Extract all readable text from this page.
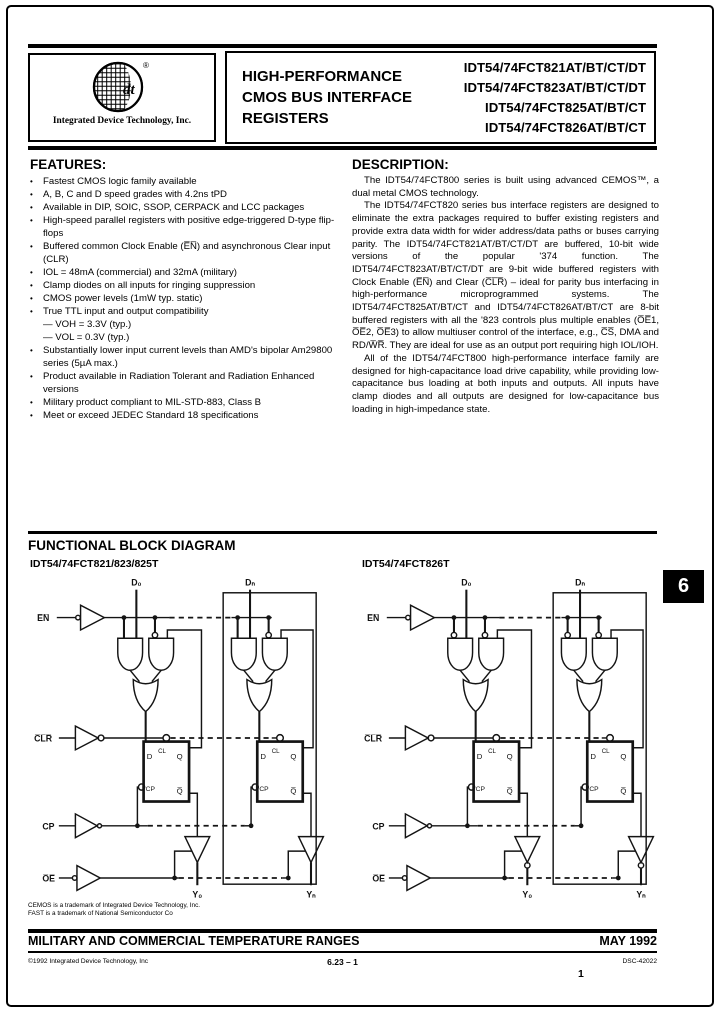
dt
®
Integrated Device Technology, Inc.
HIGH-PERFORMANCE
CMOS BUS INTERFACE
REGISTERS
IDT54/74FCT821AT/BT/CT/DT
IDT54/74FCT823AT/BT/CT/DT
IDT54/74FCT825AT/BT/CT
IDT54/74FCT826AT/BT/CT
FEATURES:
•	Fastest CMOS logic family available
•	A, B, C and D speed grades with 4.2ns tPD
•	Available in DIP, SOIC, SSOP, CERPACK and LCC packages
•	High-speed parallel registers with positive edge-triggered D-type flip-flops
•	Buffered common Clock Enable (E̅N̅) and asynchronous Clear input (CLR)
•	IOL = 48mA (commercial) and 32mA (military)
•	Clamp diodes on all inputs for ringing suppression
•	CMOS power levels (1mW typ. static)
•	True TTL input and output compatibility
— VOH = 3.3V (typ.)
— VOL = 0.3V (typ.)
•	Substantially lower input current levels than AMD's bipolar Am29800 series (5µA max.)
•	Product available in Radiation Tolerant and Radiation Enhanced versions
•	Military product compliant to MIL-STD-883, Class B
•	Meet or exceed JEDEC Standard 18 specifications
DESCRIPTION:

The IDT54/74FCT800 series is built using advanced CEMOS™, a dual metal CMOS technology.

The IDT54/74FCT820 series bus interface registers are designed to eliminate the extra packages required to buffer existing registers and provide extra data width for wider address/data paths or buses carrying parity. The IDT54/74FCT821AT/BT/CT/DT are buffered, 10-bit wide versions of the popular '374 function. The IDT54/74FCT823AT/BT/CT/DT are 9-bit wide buffered registers with Clock Enable (E̅N̅) and Clear (C̅L̅R̅) – ideal for parity bus interfacing in high-performance microprogrammed systems. The IDT54/74FCT825AT/BT/CT and IDT54/74FCT826AT/BT/CT are 8-bit buffered registers with all the '823 controls plus multiple enables (O̅E̅1, O̅E̅2, O̅E̅3) to allow multiuser control of the interface, e.g., C̅S̅, DMA and RD/W̅R̅. They are ideal for use as an output port requiring high IOL/IOH.

All of the IDT54/74FCT800 high-performance interface family are designed for high-capacitance load drive capability, while providing low-capacitance bus loading at both inputs and outputs. All inputs have clamp diodes and all outputs are designed for low-capacitance bus loading in high-impedance state.

FUNCTIONAL BLOCK DIAGRAM
IDT54/74FCT821/823/825T	IDT54/74FCT826T
E̅N̅
C̅L̅R̅
CP
O̅E̅
D₀	Dₙ
Y₀	Yₙ
D
CL
Q
CP	Q̅
D
CL
Q
CP	Q̅
E̅N̅
C̅L̅R̅
CP
O̅E̅
D₀	Dₙ
Y₀	Yₙ
D
CL
Q
CP	Q̅
D
CL
Q
CP	Q̅
6
CEMOS is a trademark of Integrated Device Technology, Inc.
FAST is a trademark of National Semiconductor Co
MILITARY AND COMMERCIAL TEMPERATURE RANGES	MAY 1992
©1992 Integrated Device Technology, Inc	6.23 – 1	DSC-42022
1
